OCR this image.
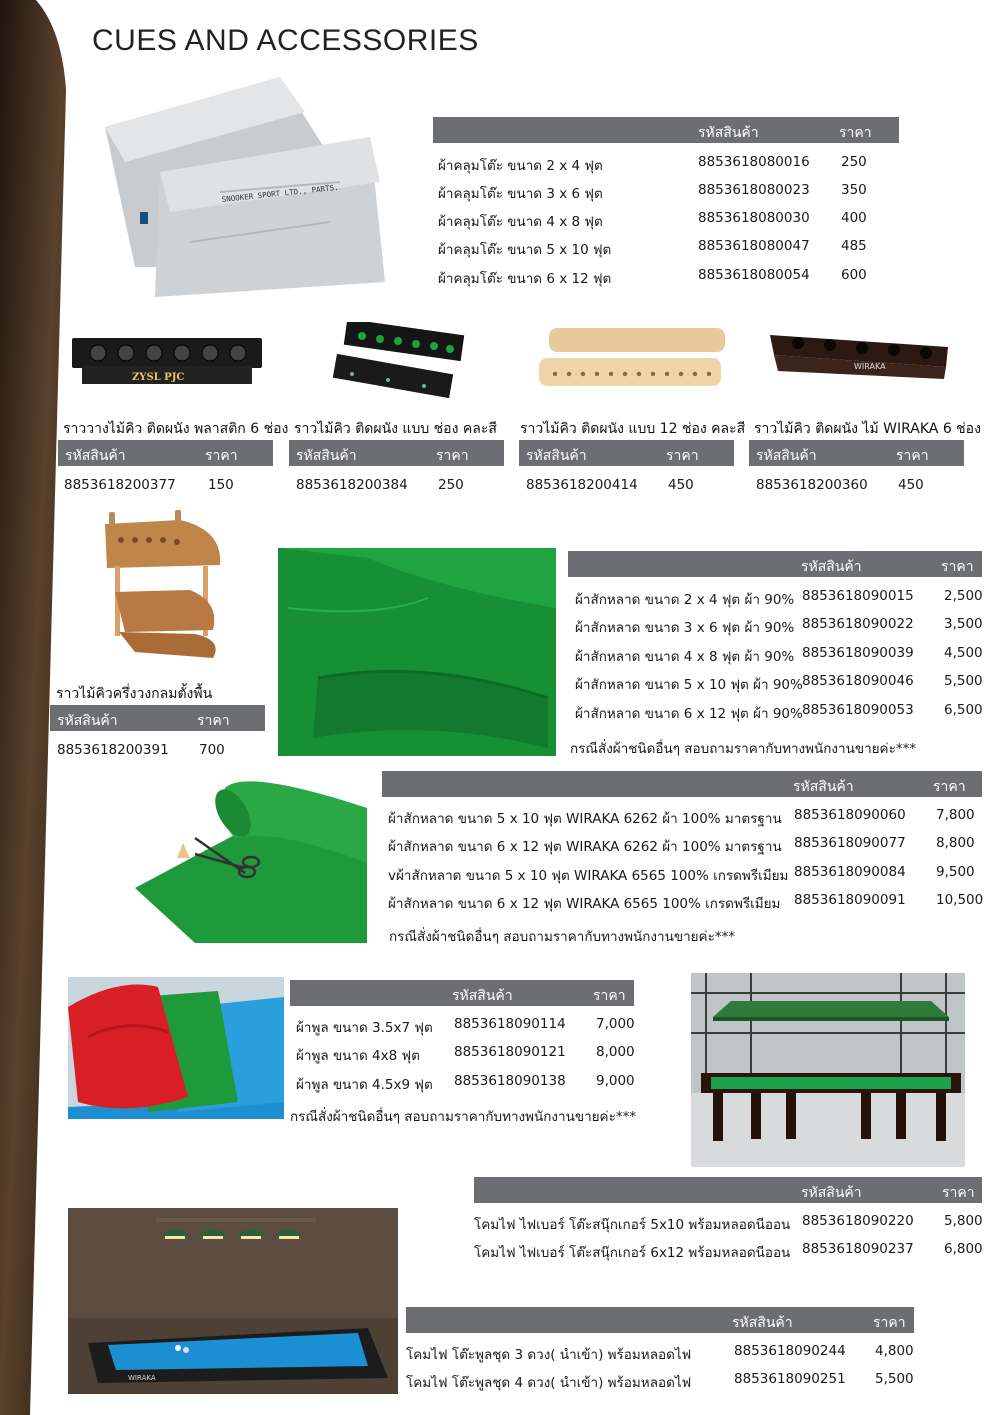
CUES AND ACCESSORIES
SNOOKER SPORT LTD., PARTS.
รหัสสินค้า	ราคา
ผ้าคลุมโต๊ะ ขนาด 2 x 4 ฟุต	8853618080016 250
ผ้าคลุมโต๊ะ ขนาด 3 x 6 ฟุต	8853618080023 350
ผ้าคลุมโต๊ะ ขนาด 4 x 8 ฟุต	8853618080030 400
ผ้าคลุมโต๊ะ ขนาด 5 x 10 ฟุต	8853618080047 485
ผ้าคลุมโต๊ะ ขนาด 6 x 12 ฟุต	8853618080054 600
ZYSL PJC
WIRAKA
ราววางไม้คิว ติดผนัง พลาสติก 6 ช่อง
รหัสสินค้า	ราคา
8853618200377 150
ราวไม้คิว ติดผนัง แบบ ช่อง คละสี
รหัสสินค้า	ราคา
8853618200384 250
ราวไม้คิว ติดผนัง แบบ 12 ช่อง คละสี
รหัสสินค้า	ราคา
8853618200414 450
ราวไม้คิว ติดผนัง ไม้ WIRAKA 6 ช่อง
รหัสสินค้า	ราคา
8853618200360 450
ราวไม้คิวครึ่งวงกลมตั้งพื้น
รหัสสินค้า	ราคา
8853618200391 700
รหัสสินค้า	ราคา
ผ้าสักหลาด ขนาด 2 x 4 ฟุต ผ้า 90% 8853618090015 2,500
ผ้าสักหลาด ขนาด 3 x 6 ฟุต ผ้า 90% 8853618090022 3,500
ผ้าสักหลาด ขนาด 4 x 8 ฟุต ผ้า 90% 8853618090039 4,500
ผ้าสักหลาด ขนาด 5 x 10 ฟุต ผ้า 90% 8853618090046 5,500
ผ้าสักหลาด ขนาด 6 x 12 ฟุต ผ้า 90% 8853618090053 6,500
กรณีสั่งผ้าชนิดอื่นๆ สอบถามราคากับทางพนักงานขายค่ะ***
รหัสสินค้า	ราคา
ผ้าสักหลาด ขนาด 5 x 10 ฟุต WIRAKA 6262 ผ้า 100% มาตรฐาน 8853618090060 7,800
ผ้าสักหลาด ขนาด 6 x 12 ฟุต WIRAKA 6262 ผ้า 100% มาตรฐาน 8853618090077 8,800
vผ้าสักหลาด ขนาด 5 x 10 ฟุต WIRAKA 6565 100% เกรดพรีเมียม 8853618090084 9,500
ผ้าสักหลาด ขนาด 6 x 12 ฟุต WIRAKA 6565 100% เกรดพรีเมียม 8853618090091 10,500
กรณีสั่งผ้าชนิดอื่นๆ สอบถามราคากับทางพนักงานขายค่ะ***
รหัสสินค้า	ราคา
ผ้าพูล ขนาด 3.5x7 ฟุต 8853618090114 7,000
ผ้าพูล ขนาด 4x8 ฟุต	8853618090121 8,000
ผ้าพูล ขนาด 4.5x9 ฟุต 8853618090138 9,000
กรณีสั่งผ้าชนิดอื่นๆ สอบถามราคากับทางพนักงานขายค่ะ***
รหัสสินค้า	ราคา
โคมไฟ ไฟเบอร์ โต๊ะสนุ๊กเกอร์ 5x10 พร้อมหลอดนีออน 8853618090220 5,800
โคมไฟ ไฟเบอร์ โต๊ะสนุ๊กเกอร์ 6x12 พร้อมหลอดนีออน 8853618090237 6,800
WIRAKA
รหัสสินค้า	ราคา
โคมไฟ โต๊ะพูลชุด 3 ดวง( นำเข้า) พร้อมหลอดไฟ	8853618090244 4,800
โคมไฟ โต๊ะพูลชุด 4 ดวง( นำเข้า) พร้อมหลอดไฟ	8853618090251 5,500
